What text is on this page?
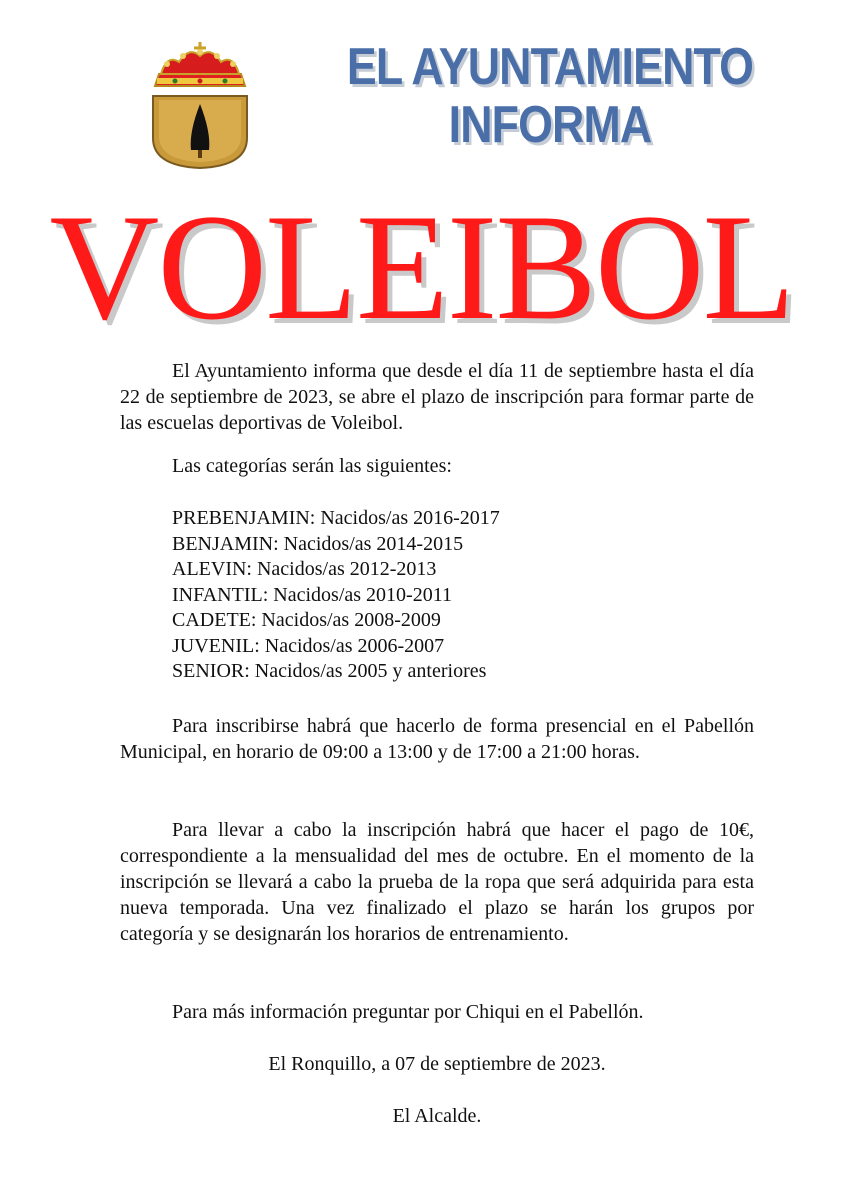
EL AYUNTAMIENTO
INFORMA
VOLEIBOL

El Ayuntamiento informa que desde el día 11 de septiembre hasta el día 22 de septiembre de 2023, se abre el plazo de inscripción para formar parte de las escuelas deportivas de Voleibol.

Las categorías serán las siguientes:
PREBENJAMIN: Nacidos/as 2016-2017
BENJAMIN: Nacidos/as 2014-2015
ALEVIN: Nacidos/as 2012-2013
INFANTIL: Nacidos/as 2010-2011
CADETE: Nacidos/as 2008-2009
JUVENIL: Nacidos/as 2006-2007
SENIOR: Nacidos/as 2005 y anteriores

Para inscribirse habrá que hacerlo de forma presencial en el Pabellón Municipal, en horario de 09:00 a 13:00 y de 17:00 a 21:00 horas.

Para llevar a cabo la inscripción habrá que hacer el pago de 10€, correspondiente a la mensualidad del mes de octubre. En el momento de la inscripción se llevará a cabo la prueba de la ropa que será adquirida para esta nueva temporada. Una vez finalizado el plazo se harán los grupos por categoría y se designarán los horarios de entrenamiento.

Para más información preguntar por Chiqui en el Pabellón.
El Ronquillo, a 07 de septiembre de 2023.
El Alcalde.
